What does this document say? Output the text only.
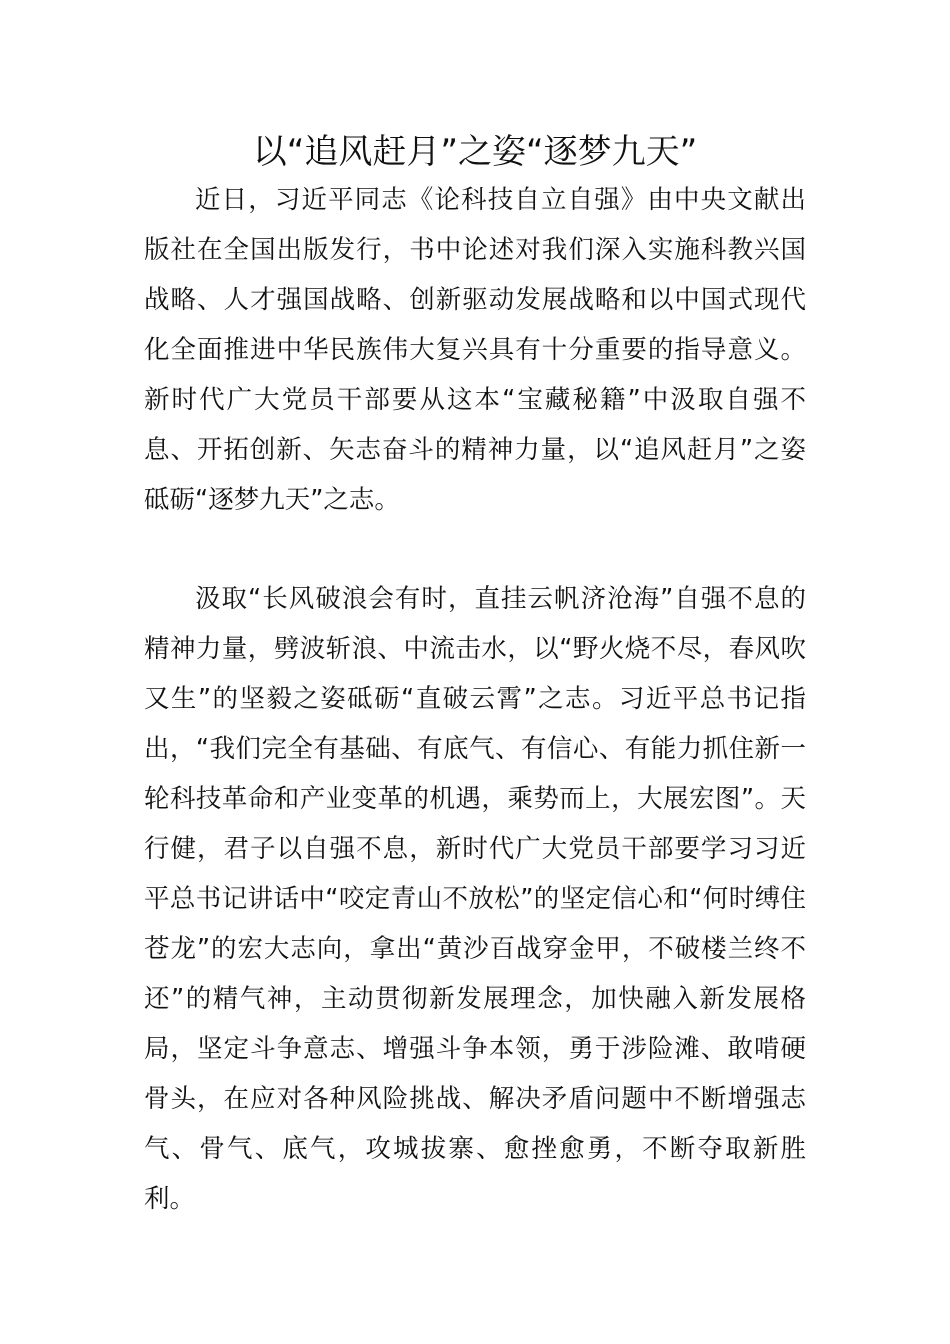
以“追风赶月”之姿“逐梦九天”

近日，习近平同志《论科技自立自强》由中央文献出版社在全国出版发行，书中论述对我们深入实施科教兴国战略、人才强国战略、创新驱动发展战略和以中国式现代化全面推进中华民族伟大复兴具有十分重要的指导意义。新时代广大党员干部要从这本“宝藏秘籍”中汲取自强不息、开拓创新、矢志奋斗的精神力量，以“追风赶月”之姿砥砺“逐梦九天”之志。

汲取“长风破浪会有时，直挂云帆济沧海”自强不息的精神力量，劈波斩浪、中流击水，以“野火烧不尽，春风吹又生”的坚毅之姿砥砺“直破云霄”之志。习近平总书记指出，“我们完全有基础、有底气、有信心、有能力抓住新一轮科技革命和产业变革的机遇，乘势而上，大展宏图”。天行健，君子以自强不息，新时代广大党员干部要学习习近平总书记讲话中“咬定青山不放松”的坚定信心和“何时缚住苍龙”的宏大志向，拿出“黄沙百战穿金甲，不破楼兰终不还”的精气神，主动贯彻新发展理念，加快融入新发展格局，坚定斗争意志、增强斗争本领，勇于涉险滩、敢啃硬骨头，在应对各种风险挑战、解决矛盾问题中不断增强志气、骨气、底气，攻城拔寨、愈挫愈勇，不断夺取新胜利。
